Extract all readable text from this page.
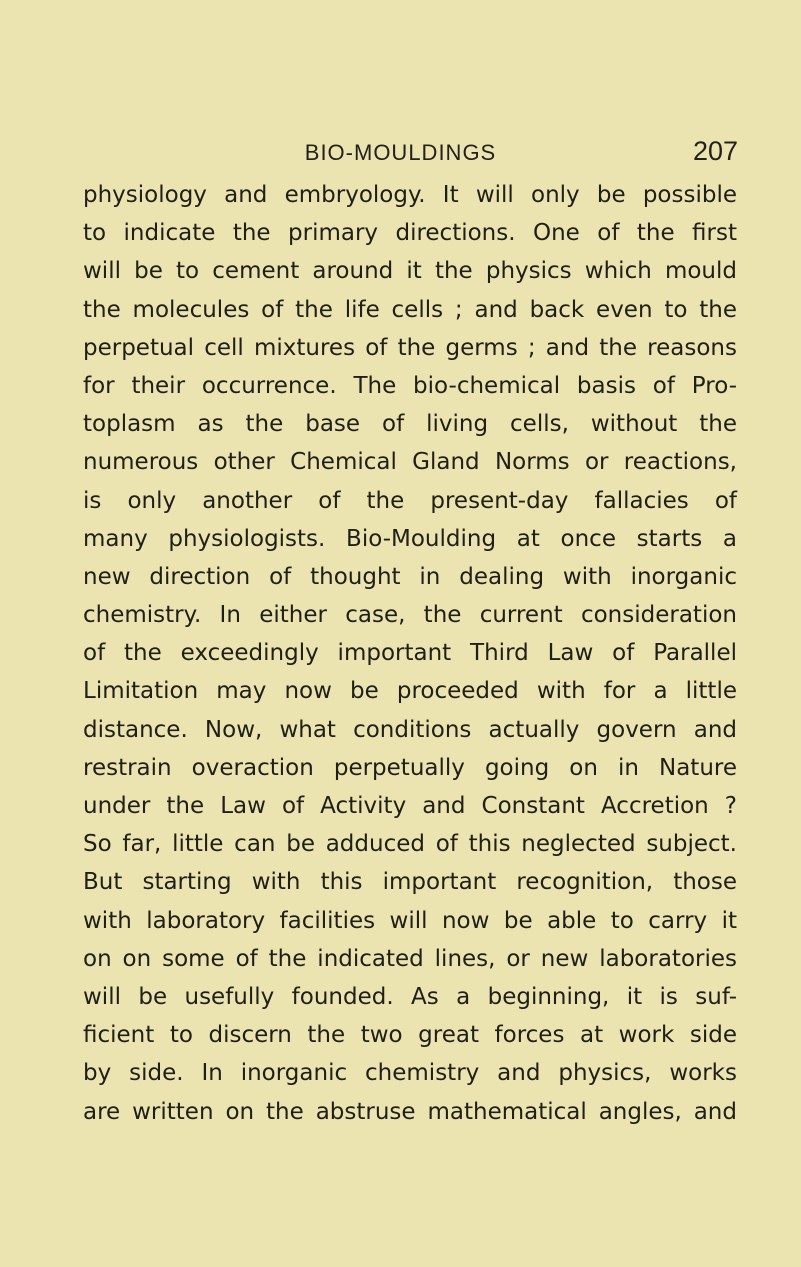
BIO-MOULDINGS	207
physiology and embryology. It will only be possible
to indicate the primary directions. One of the first
will be to cement around it the physics which mould
the molecules of the life cells ; and back even to the
perpetual cell mixtures of the germs ; and the reasons
for their occurrence. The bio-chemical basis of Pro-
toplasm as the base of living cells, without the
numerous other Chemical Gland Norms or reactions,
is only another of the present-day fallacies of
many physiologists. Bio-Moulding at once starts a
new direction of thought in dealing with inorganic
chemistry. In either case, the current consideration
of the exceedingly important Third Law of Parallel
Limitation may now be proceeded with for a little
distance. Now, what conditions actually govern and
restrain overaction perpetually going on in Nature
under the Law of Activity and Constant Accretion ?
So far, little can be adduced of this neglected subject.
But starting with this important recognition, those
with laboratory facilities will now be able to carry it
on on some of the indicated lines, or new laboratories
will be usefully founded. As a beginning, it is suf-
ficient to discern the two great forces at work side
by side. In inorganic chemistry and physics, works
are written on the abstruse mathematical angles, and
